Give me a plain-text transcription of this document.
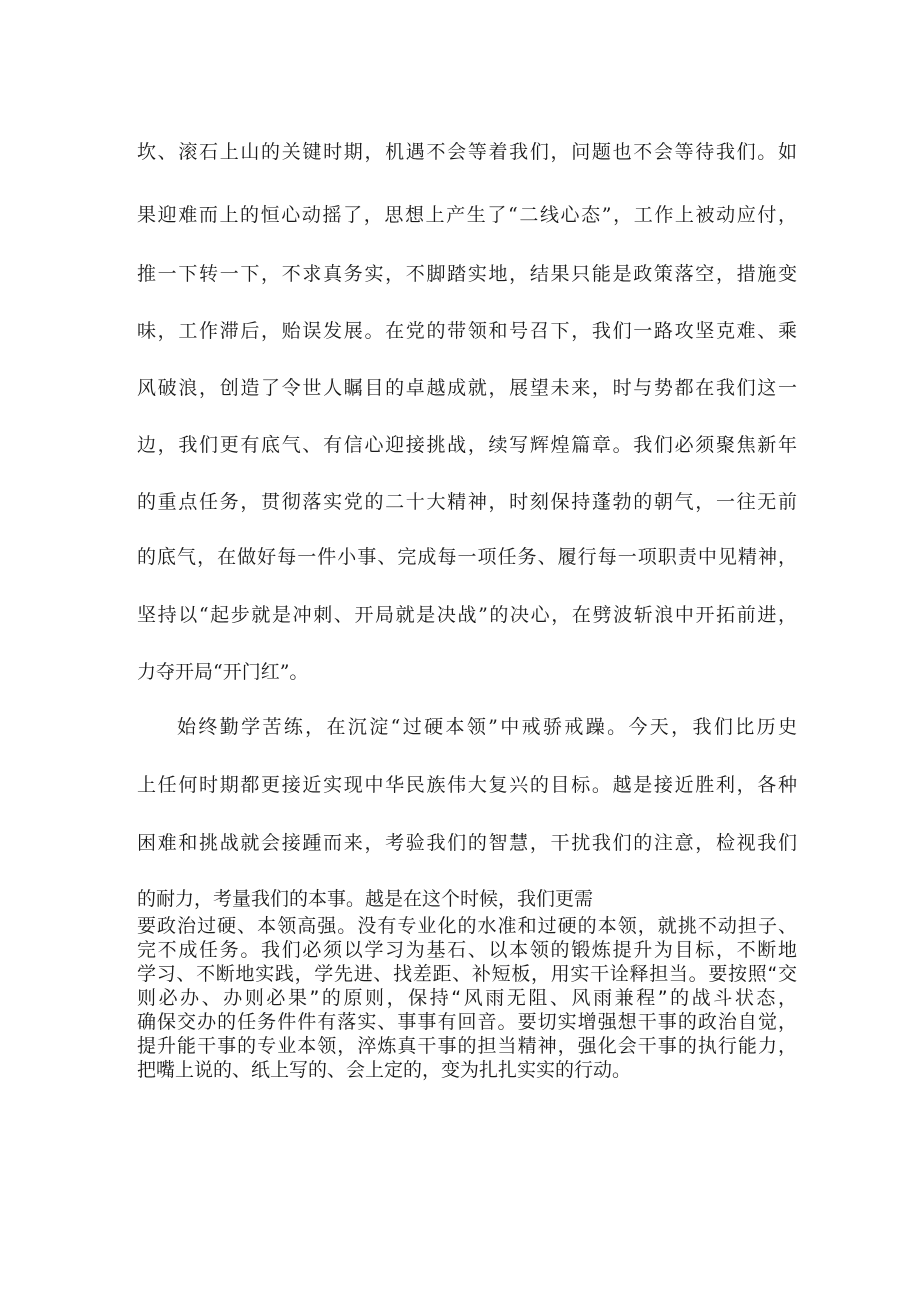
坎、滚石上山的关键时期，机遇不会等着我们，问题也不会等待我们。如
果迎难而上的恒心动摇了，思想上产生了“二线心态”，工作上被动应付，
推一下转一下，不求真务实，不脚踏实地，结果只能是政策落空，措施变
味，工作滞后，贻误发展。在党的带领和号召下，我们一路攻坚克难、乘
风破浪，创造了令世人瞩目的卓越成就，展望未来，时与势都在我们这一
边，我们更有底气、有信心迎接挑战，续写辉煌篇章。我们必须聚焦新年
的重点任务，贯彻落实党的二十大精神，时刻保持蓬勃的朝气，一往无前
的底气，在做好每一件小事、完成每一项任务、履行每一项职责中见精神，
坚持以“起步就是冲刺、开局就是决战”的决心，在劈波斩浪中开拓前进，
力夺开局“开门红”。
始终勤学苦练，在沉淀“过硬本领”中戒骄戒躁。今天，我们比历史
上任何时期都更接近实现中华民族伟大复兴的目标。越是接近胜利，各种
困难和挑战就会接踵而来，考验我们的智慧，干扰我们的注意，检视我们
的耐力，考量我们的本事。越是在这个时候，我们更需
要政治过硬、本领高强。没有专业化的水准和过硬的本领，就挑不动担子、
完不成任务。我们必须以学习为基石、以本领的锻炼提升为目标，不断地
学习、不断地实践，学先进、找差距、补短板，用实干诠释担当。要按照“交
则必办、办则必果”的原则，保持“风雨无阻、风雨兼程”的战斗状态，
确保交办的任务件件有落实、事事有回音。要切实增强想干事的政治自觉，
提升能干事的专业本领，淬炼真干事的担当精神，强化会干事的执行能力，
把嘴上说的、纸上写的、会上定的，变为扎扎实实的行动。
